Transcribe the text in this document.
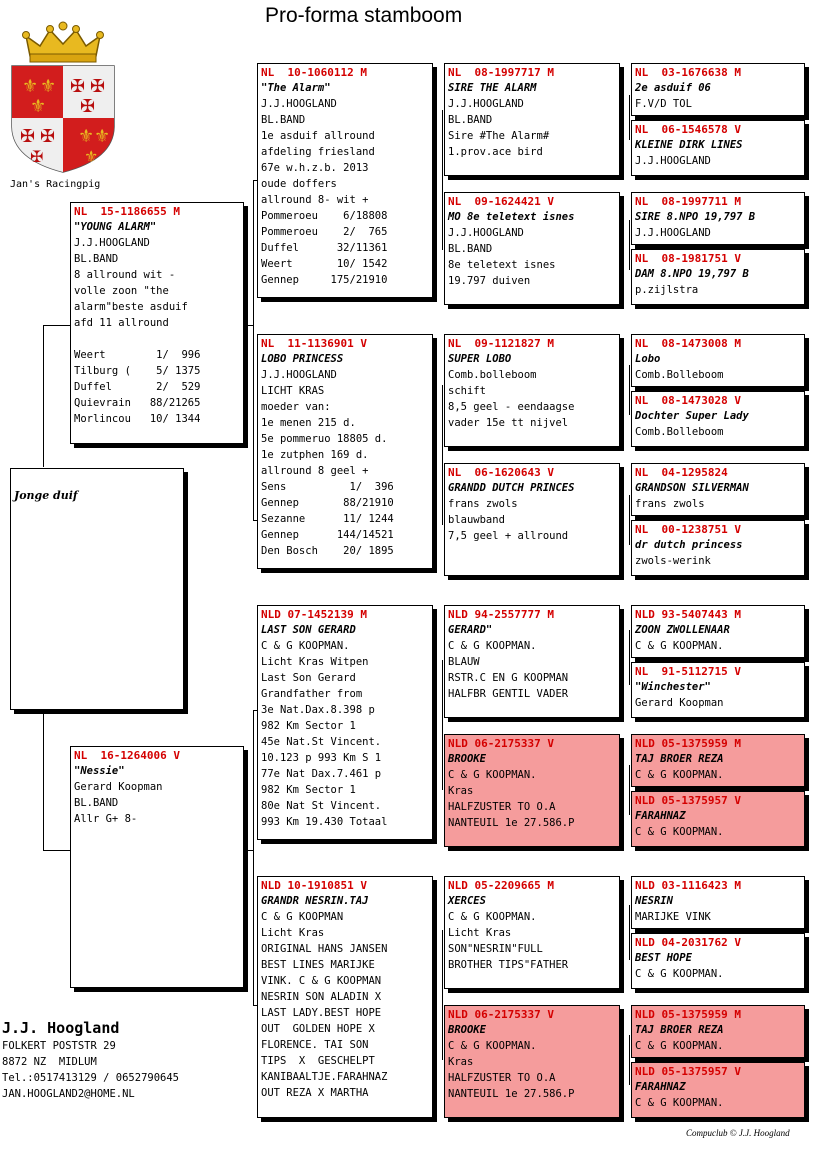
Pro-forma stamboom
⚜ ⚜
⚜
⚜ ⚜
⚜
✠ ✠
✠
✠ ✠
✠
Jan's Racingpig
Jonge duif
NL  15-1186655 M
"YOUNG ALARM"
J.J.HOOGLAND
BL.BAND
8 allround wit -
volle zoon "the
alarm"beste asduif
afd 11 allround

Weert        1/  996
Tilburg (    5/ 1375
Duffel       2/  529
Quievrain   88/21265
Morlincou   10/ 1344
NL  16-1264006 V
"Nessie"
Gerard Koopman
BL.BAND
Allr G+ 8-
NL  10-1060112 M
"The Alarm"
J.J.HOOGLAND
BL.BAND
1e asduif allround
afdeling friesland
67e w.h.z.b. 2013
oude doffers
allround 8- wit +
Pommeroeu    6/18808
Pommeroeu    2/  765
Duffel      32/11361
Weert       10/ 1542
Gennep     175/21910
NL  11-1136901 V
LOBO PRINCESS
J.J.HOOGLAND
LICHT KRAS
moeder van:
1e menen 215 d.
5e pommeruo 18805 d.
1e zutphen 169 d.
allround 8 geel +
Sens          1/  396
Gennep       88/21910
Sezanne      11/ 1244
Gennep      144/14521
Den Bosch    20/ 1895
NLD 07-1452139 M
LAST SON GERARD
C & G KOOPMAN.
Licht Kras Witpen
Last Son Gerard
Grandfather from
3e Nat.Dax.8.398 p
982 Km Sector 1
45e Nat.St Vincent.
10.123 p 993 Km S 1
77e Nat Dax.7.461 p
982 Km Sector 1
80e Nat St Vincent.
993 Km 19.430 Totaal
NLD 10-1910851 V
GRANDR NESRIN.TAJ
C & G KOOPMAN
Licht Kras
ORIGINAL HANS JANSEN
BEST LINES MARIJKE
VINK. C & G KOOPMAN
NESRIN SON ALADIN X
LAST LADY.BEST HOPE
OUT  GOLDEN HOPE X
FLORENCE. TAI SON
TIPS  X  GESCHELPT
KANIBAALTJE.FARAHNAZ
OUT REZA X MARTHA
NL  08-1997717 M
SIRE THE ALARM
J.J.HOOGLAND
BL.BAND
Sire #The Alarm#
1.prov.ace bird
NL  09-1624421 V
MO 8e teletext isnes
J.J.HOOGLAND
BL.BAND
8e teletext isnes
19.797 duiven
NL  09-1121827 M
SUPER LOBO
Comb.bolleboom
schift
8,5 geel - eendaagse
vader 15e tt nijvel
NL  06-1620643 V
GRANDD DUTCH PRINCES
frans zwols
blauwband
7,5 geel + allround
NLD 94-2557777 M
GERARD"
C & G KOOPMAN.
BLAUW
RSTR.C EN G KOOPMAN
HALFBR GENTIL VADER
NLD 06-2175337 V
BROOKE
C & G KOOPMAN.
Kras
HALFZUSTER TO O.A
NANTEUIL 1e 27.586.P
NLD 05-2209665 M
XERCES
C & G KOOPMAN.
Licht Kras
SON"NESRIN"FULL
BROTHER TIPS"FATHER
NLD 06-2175337 V
BROOKE
C & G KOOPMAN.
Kras
HALFZUSTER TO O.A
NANTEUIL 1e 27.586.P
NL  03-1676638 M
2e asduif 06
F.V/D TOL
NL  06-1546578 V
KLEINE DIRK LINES
J.J.HOOGLAND
NL  08-1997711 M
SIRE 8.NPO 19,797 B
J.J.HOOGLAND
NL  08-1981751 V
DAM 8.NPO 19,797 B
p.zijlstra
NL  08-1473008 M
Lobo
Comb.Bolleboom
NL  08-1473028 V
Dochter Super Lady
Comb.Bolleboom
NL  04-1295824
GRANDSON SILVERMAN
frans zwols
NL  00-1238751 V
dr dutch princess
zwols-werink
NLD 93-5407443 M
ZOON ZWOLLENAAR
C & G KOOPMAN.
NL  91-5112715 V
"Winchester"
Gerard Koopman
NLD 05-1375959 M
TAJ BROER REZA
C & G KOOPMAN.
NLD 05-1375957 V
FARAHNAZ
C & G KOOPMAN.
NLD 03-1116423 M
NESRIN
MARIJKE VINK
NLD 04-2031762 V
BEST HOPE
C & G KOOPMAN.
NLD 05-1375959 M
TAJ BROER REZA
C & G KOOPMAN.
NLD 05-1375957 V
FARAHNAZ
C & G KOOPMAN.
J.J. Hoogland
FOLKERT POSTSTR 29
8872 NZ  MIDLUM
Tel.:0517413129 / 0652790645
JAN.HOOGLAND2@HOME.NL
Compuclub © J.J. Hoogland
